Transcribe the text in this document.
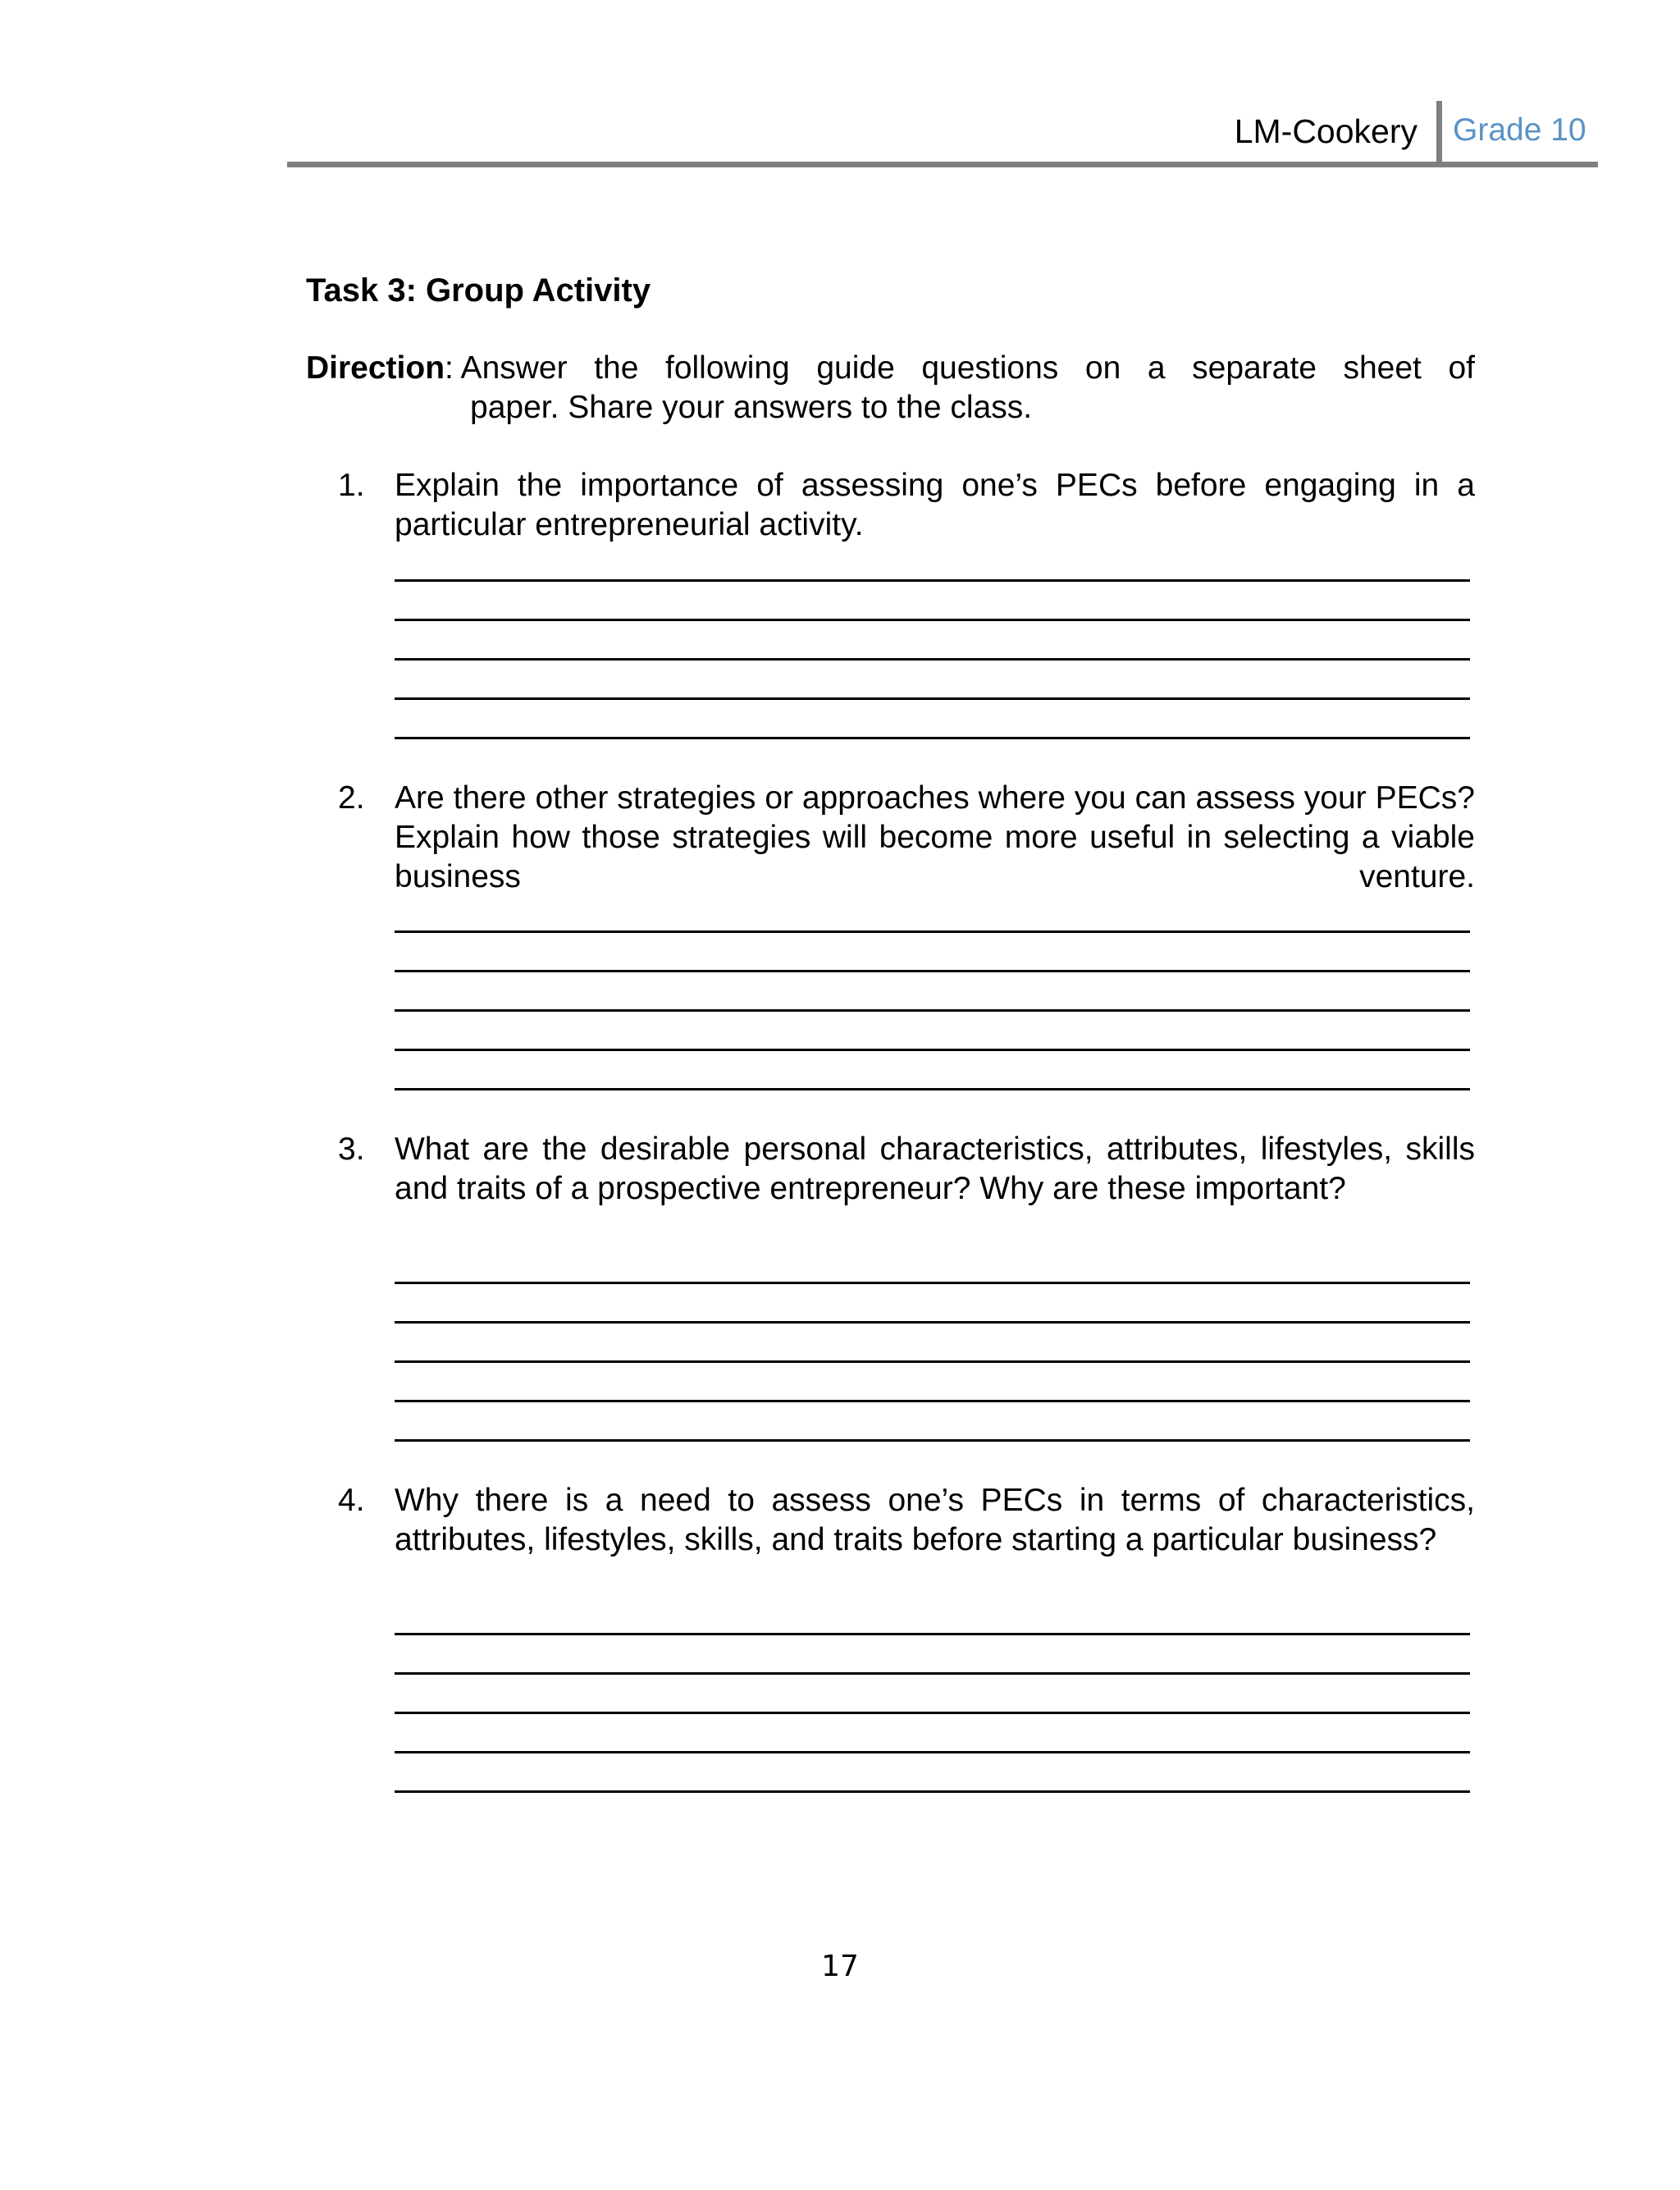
LM-Cookery Grade 10
Task 3: Group Activity
Direction: Answer the following guide questions on a separate sheet of
paper. Share your answers to the class.
1. Explain the importance of assessing one’s PECs before engaging in a particular entrepreneurial activity.
2. Are there other strategies or approaches where you can assess your PECs? Explain how those strategies will become more useful in selecting a viable business venture.
3. What are the desirable personal characteristics, attributes, lifestyles, skills and traits of a prospective entrepreneur? Why are these important?
4. Why there is a need to assess one’s PECs in terms of characteristics, attributes, lifestyles, skills, and traits before starting a particular business?
17
